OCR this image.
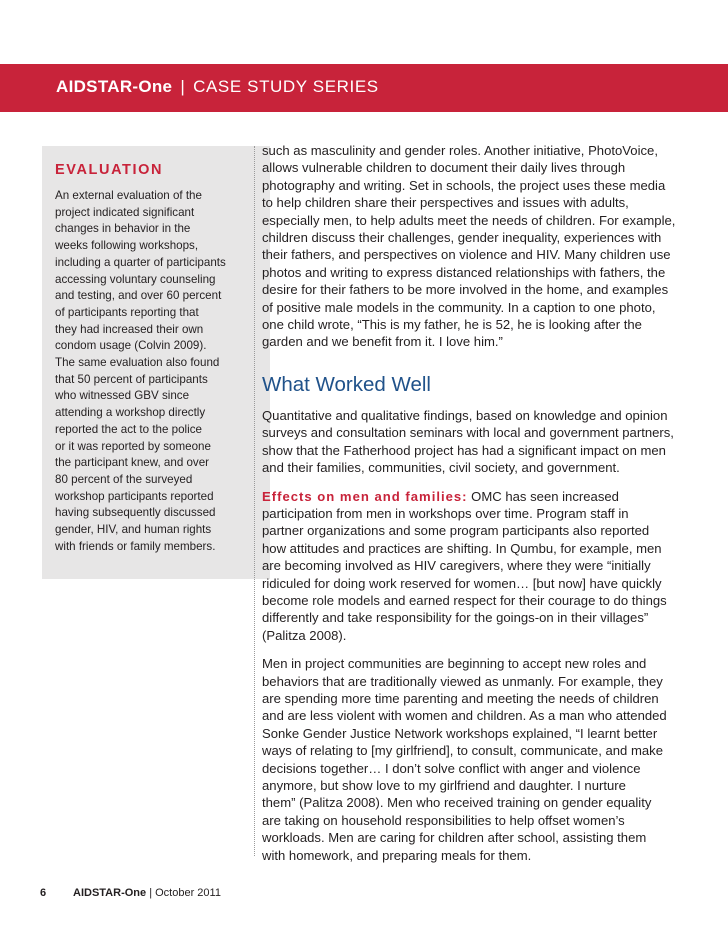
AIDSTAR-One | CASE STUDY SERIES
EVALUATION
An external evaluation of the
project indicated significant
changes in behavior in the
weeks following workshops,
including a quarter of participants
accessing voluntary counseling
and testing, and over 60 percent
of participants reporting that
they had increased their own
condom usage (Colvin 2009).
The same evaluation also found
that 50 percent of participants
who witnessed GBV since
attending a workshop directly
reported the act to the police
or it was reported by someone
the participant knew, and over
80 percent of the surveyed
workshop participants reported
having subsequently discussed
gender, HIV, and human rights
with friends or family members.

such as masculinity and gender roles. Another initiative, PhotoVoice,
allows vulnerable children to document their daily lives through
photography and writing. Set in schools, the project uses these media
to help children share their perspectives and issues with adults,
especially men, to help adults meet the needs of children. For example,
children discuss their challenges, gender inequality, experiences with
their fathers, and perspectives on violence and HIV. Many children use
photos and writing to express distanced relationships with fathers, the
desire for their fathers to be more involved in the home, and examples
of positive male models in the community. In a caption to one photo,
one child wrote, “This is my father, he is 52, he is looking after the
garden and we benefit from it. I love him.”

What Worked Well

Quantitative and qualitative findings, based on knowledge and opinion
surveys and consultation seminars with local and government partners,
show that the Fatherhood project has had a significant impact on men
and their families, communities, civil society, and government.

Effects on men and families: OMC has seen increased
participation from men in workshops over time. Program staff in
partner organizations and some program participants also reported
how attitudes and practices are shifting. In Qumbu, for example, men
are becoming involved as HIV caregivers, where they were “initially
ridiculed for doing work reserved for women… [but now] have quickly
become role models and earned respect for their courage to do things
differently and take responsibility for the goings-on in their villages”
(Palitza 2008).

Men in project communities are beginning to accept new roles and
behaviors that are traditionally viewed as unmanly. For example, they
are spending more time parenting and meeting the needs of children
and are less violent with women and children. As a man who attended
Sonke Gender Justice Network workshops explained, “I learnt better
ways of relating to [my girlfriend], to consult, communicate, and make
decisions together… I don’t solve conflict with anger and violence
anymore, but show love to my girlfriend and daughter. I nurture
them” (Palitza 2008). Men who received training on gender equality
are taking on household responsibilities to help offset women’s
workloads. Men are caring for children after school, assisting them
with homework, and preparing meals for them.

6 AIDSTAR-One | October 2011
